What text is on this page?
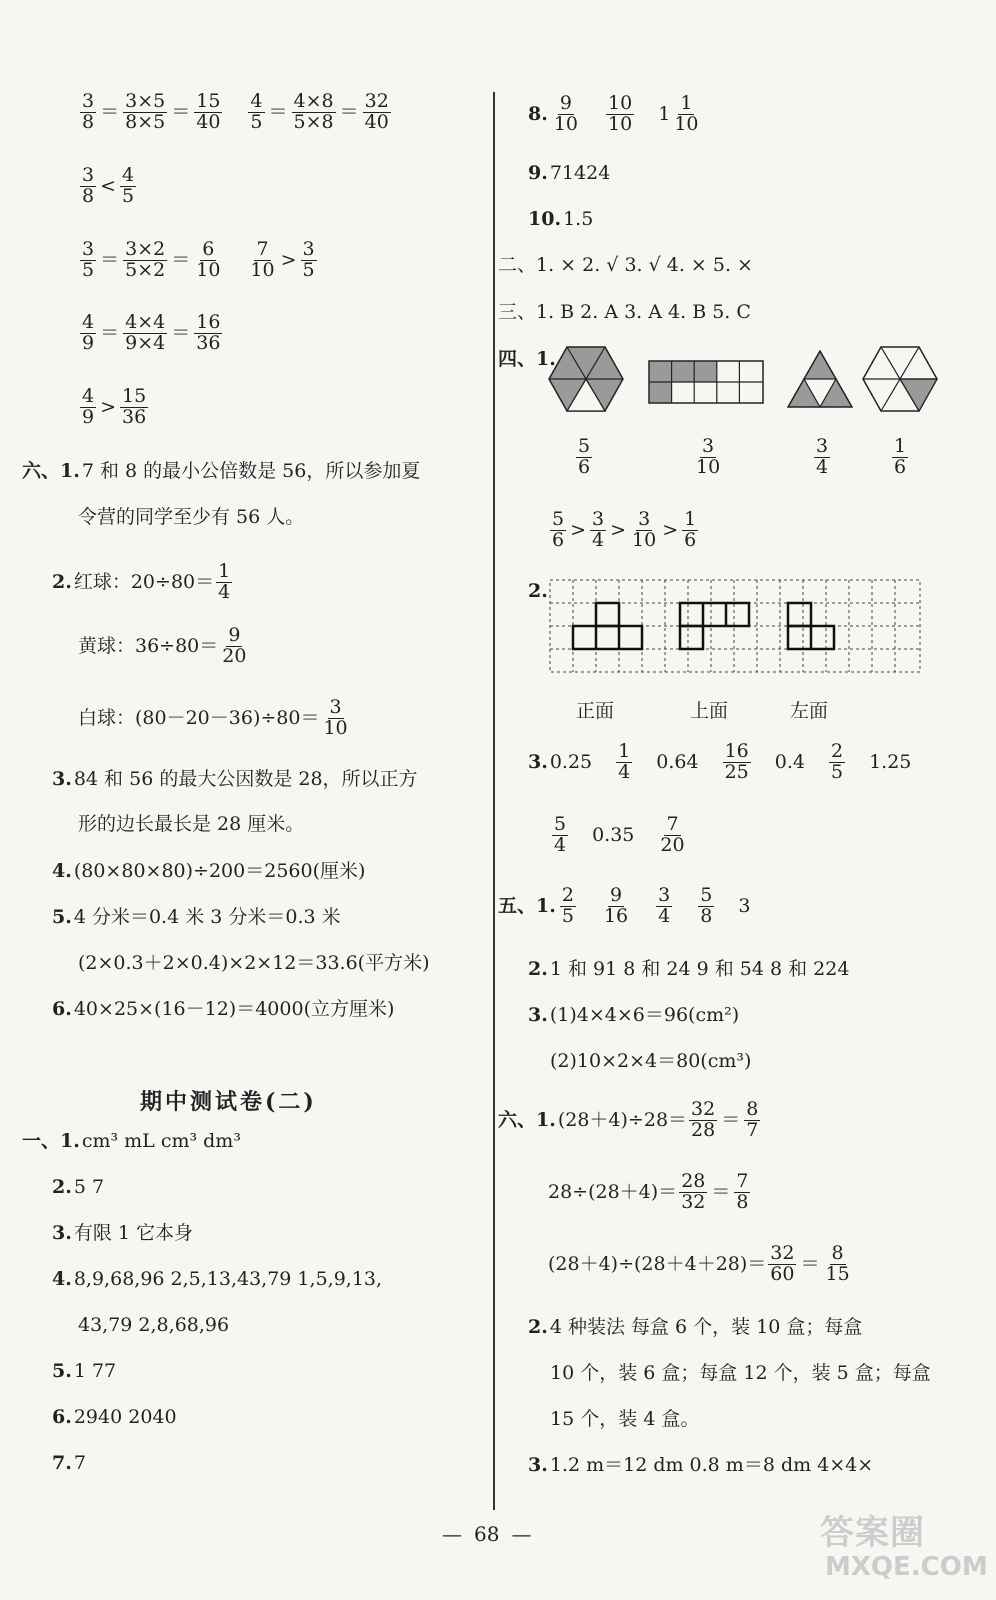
3
8 ＝ 3×5
8×5 ＝ 15
40
4
5 ＝ 4×8
5×8 ＝ 32
40
3
8 < 4
5
3
5 ＝ 3×2
5×2 ＝ 6
10
7
10 > 3
5
4
9 ＝ 4×4
9×4 ＝ 16
36
4
9 > 15
36
六、1. 7 和 8 的最小公倍数是 56，所以参加夏
令营的同学至少有 56 人。
2. 红球：20÷80＝ 1
4
黄球：36÷80＝ 9
20
白球：(80－20－36)÷80＝ 3
10
3. 84 和 56 的最大公因数是 28，所以正方
形的边长最长是 28 厘米。
4. (80×80×80)÷200＝2560(厘米)
5. 4 分米＝0.4 米 3 分米＝0.3 米
(2×0.3＋2×0.4)×2×12＝33.6(平方米)
6. 40×25×(16－12)＝4000(立方厘米)
期中测试卷(二)
一、1. cm³ mL cm³ dm³
2. 5 7
3. 有限 1 它本身
4. 8,9,68,96 2,5,13,43,79 1,5,9,13,
43,79 2,8,68,96
5. 1 77
6. 2940 2040
7. 7
8. 9
10
10
10 1 1
10
9. 71424
10. 1.5
二、1. × 2. √ 3. √ 4. × 5. ×
三、1. B 2. A 3. A 4. B 5. C
四、1.
5
6
3
10
3
4
1
6
5
6 > 3
4 > 3
10 > 1
6
2.
正面	上面	左面
3. 0.25 1
4 0.64 16
25 0.4 2
5 1.25
5
4 0.35 7
20
五、1. 2
5
9
16
3
4
5
8 3
2. 1 和 91 8 和 24 9 和 54 8 和 224
3. (1)4×4×6＝96(cm²)
(2)10×2×4＝80(cm³)
六、1. (28＋4)÷28＝ 32
28 ＝ 8
7
28÷(28＋4)＝ 28
32 ＝ 7
8
(28＋4)÷(28＋4＋28)＝ 32
60 ＝ 8
15
2. 4 种装法 每盒 6 个，装 10 盒；每盒
10 个，装 6 盒；每盒 12 个，装 5 盒；每盒
15 个，装 4 盒。
3. 1.2 m＝12 dm 0.8 m＝8 dm 4×4×
— 68 —	答案圈
MXQE.COM
